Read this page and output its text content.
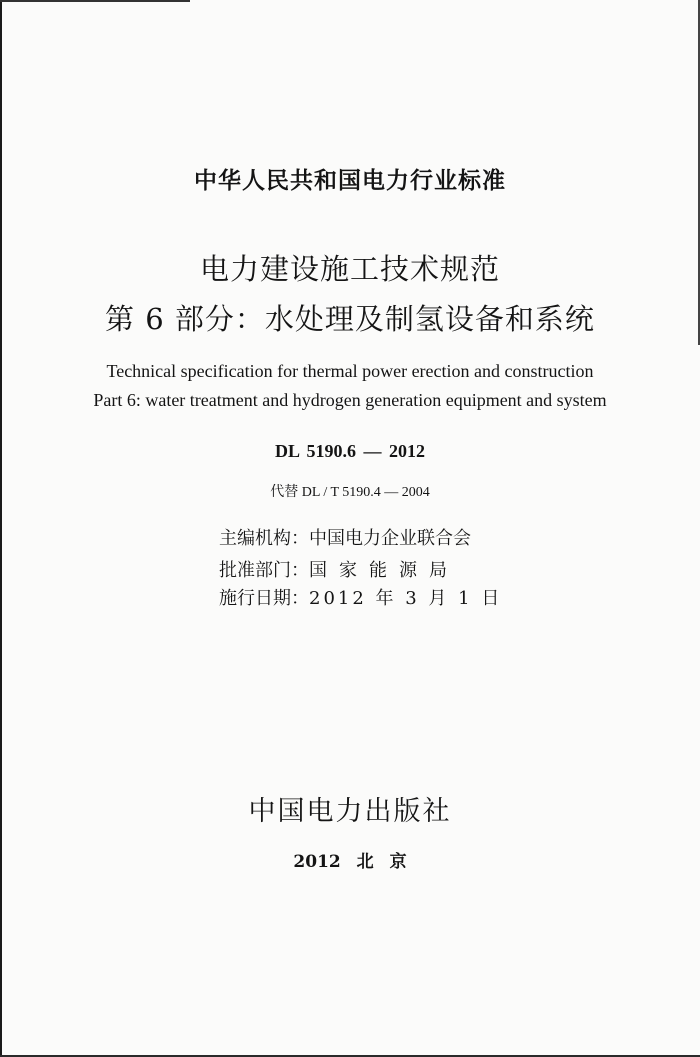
中华人民共和国电力行业标准
电力建设施工技术规范
第 6 部分：水处理及制氢设备和系统
Technical specification for thermal power erection and construction
Part 6: water treatment and hydrogen generation equipment and system
DL 5190.6 — 2012
代替 DL / T 5190.4 — 2004
主编机构：中国电力企业联合会
批准部门：国家能源局
施行日期：2012 年 3 月 1 日
中国电力出版社
2012 北 京
